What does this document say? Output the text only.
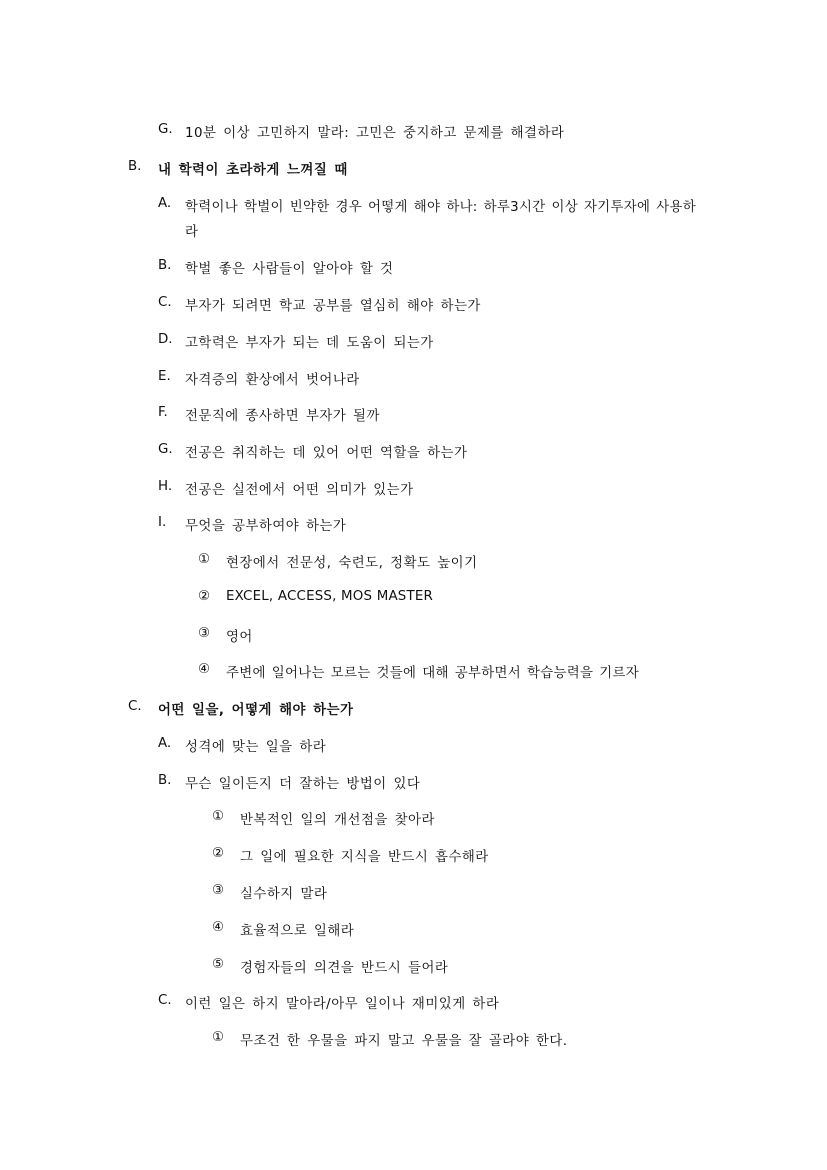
G. 10분 이상 고민하지 말라: 고민은 중지하고 문제를 해결하라
B. 내 학력이 초라하게 느껴질 때
A. 학력이나 학벌이 빈약한 경우 어떻게 해야 하나: 하루3시간 이상 자기투자에 사용하
라
B. 학벌 좋은 사람들이 알아야 할 것
C. 부자가 되려면 학교 공부를 열심히 해야 하는가
D. 고학력은 부자가 되는 데 도움이 되는가
E. 자격증의 환상에서 벗어나라
F. 전문직에 종사하면 부자가 될까
G. 전공은 취직하는 데 있어 어떤 역할을 하는가
H. 전공은 실전에서 어떤 의미가 있는가
I. 무엇을 공부하여야 하는가
① 현장에서 전문성, 숙련도, 정확도 높이기
② EXCEL, ACCESS, MOS MASTER
③ 영어
④ 주변에 일어나는 모르는 것들에 대해 공부하면서 학습능력을 기르자
C. 어떤 일을, 어떻게 해야 하는가
A. 성격에 맞는 일을 하라
B. 무슨 일이든지 더 잘하는 방법이 있다
① 반복적인 일의 개선점을 찾아라
② 그 일에 필요한 지식을 반드시 흡수해라
③ 실수하지 말라
④ 효율적으로 일해라
⑤ 경험자들의 의견을 반드시 들어라
C. 이런 일은 하지 말아라/아무 일이나 재미있게 하라
① 무조건 한 우물을 파지 말고 우물을 잘 골라야 한다.
